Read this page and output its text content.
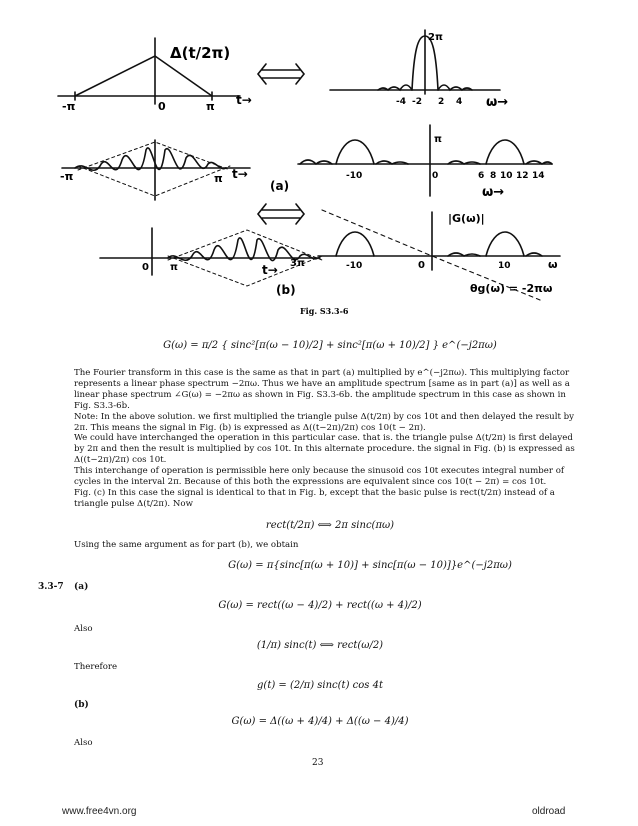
Δ(t/2π)
-π	0	π t→
2π
-4 -2 2 4 ω→
-π	π t→
(a)
π
-10	0	6 8 10 12 14
ω→
0 π	3π
t→
(b)
|G(ω)|
-10	0	10	ω
θg(ω) = -2πω
Fig. S3.3-6
G(ω) = π/2 { sinc²[π(ω − 10)/2] + sinc²[π(ω + 10)/2] } e^(−j2πω)

The Fourier transform in this case is the same as that in part (a) multiplied by e^(−j2πω). This multiplying factor represents a linear phase spectrum −2πω. Thus we have an amplitude spectrum [same as in part (a)] as well as a linear phase spectrum ∠G(ω) = −2πω as shown in Fig. S3.3-6b. the amplitude spectrum in this case as shown in Fig. S3.3-6b.

Note: In the above solution. we first multiplied the triangle pulse Δ(t/2π) by cos 10t and then delayed the result by 2π. This means the signal in Fig. (b) is expressed as Δ((t−2π)/2π) cos 10(t − 2π).

We could have interchanged the operation in this particular case. that is. the triangle pulse Δ(t/2π) is first delayed by 2π and then the result is multiplied by cos 10t. In this alternate procedure. the signal in Fig. (b) is expressed as Δ((t−2π)/2π) cos 10t.

This interchange of operation is permissible here only because the sinusoid cos 10t executes integral number of cycles in the interval 2π. Because of this both the expressions are equivalent since cos 10(t − 2π) = cos 10t.

Fig. (c) In this case the signal is identical to that in Fig. b, except that the basic pulse is rect(t/2π) instead of a triangle pulse Δ(t/2π). Now

rect(t/2π) ⟺ 2π sinc(πω)
Using the same argument as for part (b), we obtain
G(ω) = π{sinc[π(ω + 10)] + sinc[π(ω − 10)]}e^(−j2πω)
3.3-7 (a)
G(ω) = rect((ω − 4)/2) + rect((ω + 4)/2)
Also
(1/π) sinc(t) ⟺ rect(ω/2)
Therefore
g(t) = (2/π) sinc(t) cos 4t
(b)
G(ω) = Δ((ω + 4)/4) + Δ((ω − 4)/4)
Also
23
www.free4vn.org	oldroad
